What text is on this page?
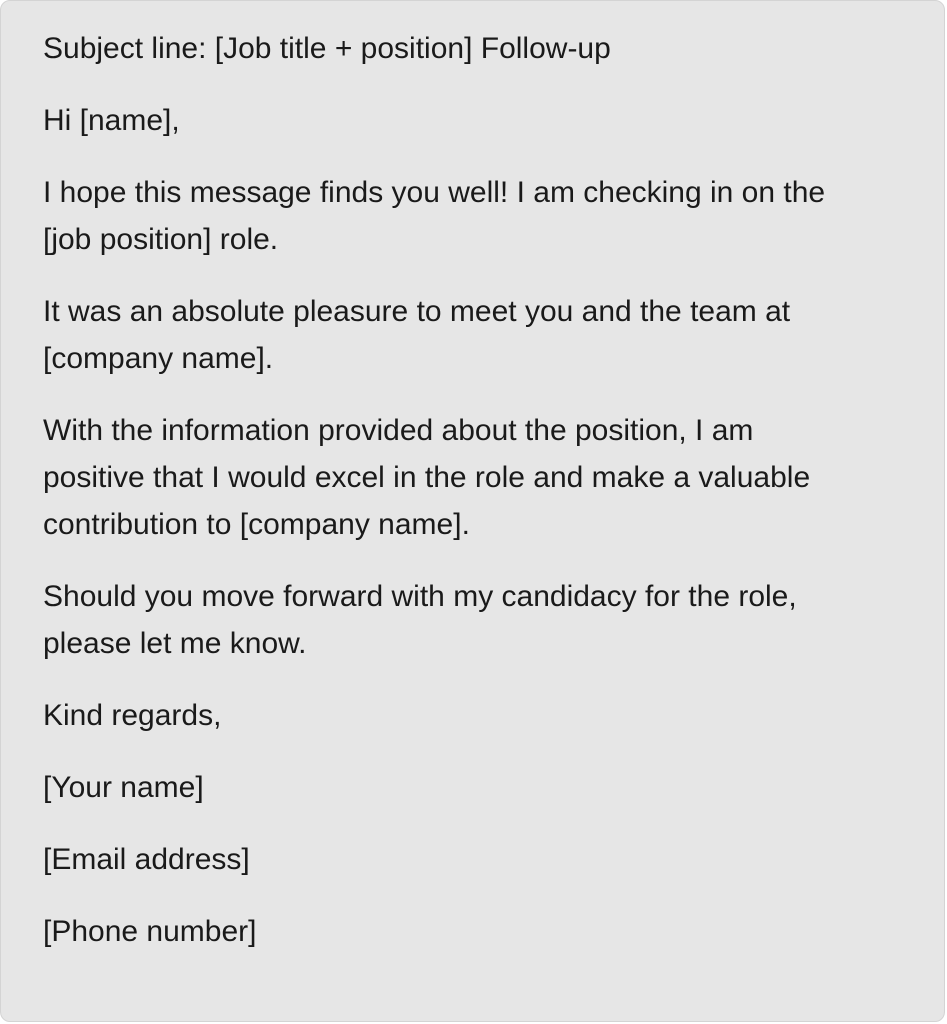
Subject line: [Job title + position] Follow-up

Hi [name],

I hope this message finds you well! I am checking in on the
[job position] role.

It was an absolute pleasure to meet you and the team at
[company name].

With the information provided about the position, I am
positive that I would excel in the role and make a valuable
contribution to [company name].

Should you move forward with my candidacy for the role,
please let me know.

Kind regards,

[Your name]

[Email address]

[Phone number]
